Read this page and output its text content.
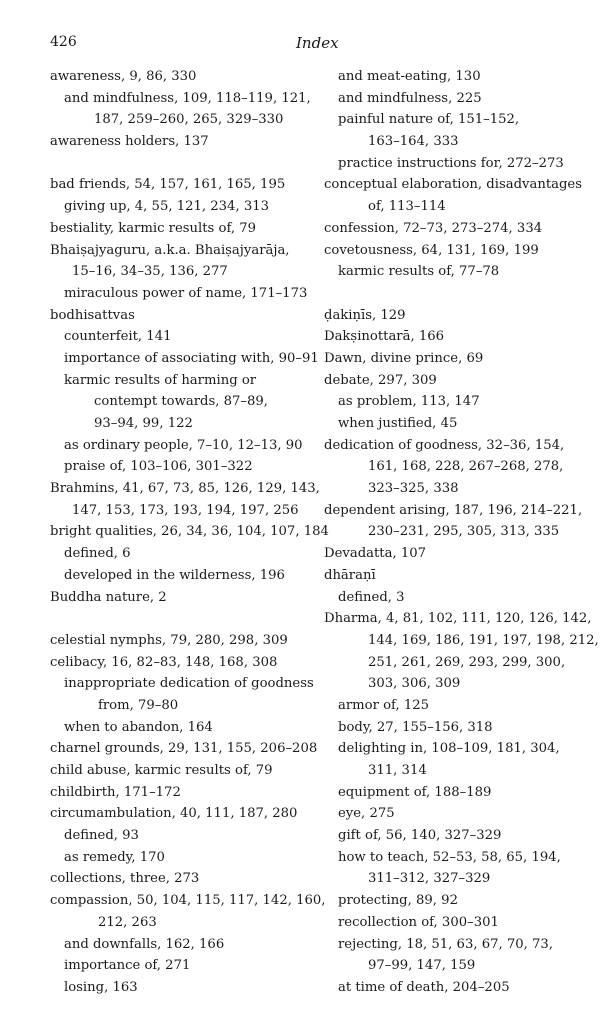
426	Index
awareness, 9, 86, 330
and mindfulness, 109, 118–119, 121,
187, 259–260, 265, 329–330
awareness holders, 137
bad friends, 54, 157, 161, 165, 195
giving up, 4, 55, 121, 234, 313
bestiality, karmic results of, 79
Bhaiṣajyaguru, a.k.a. Bhaiṣajyarāja,
15–16, 34–35, 136, 277
miraculous power of name, 171–173
bodhisattvas
counterfeit, 141
importance of associating with, 90–91
karmic results of harming or
contempt towards, 87–89,
93–94, 99, 122
as ordinary people, 7–10, 12–13, 90
praise of, 103–106, 301–322
Brahmins, 41, 67, 73, 85, 126, 129, 143,
147, 153, 173, 193, 194, 197, 256
bright qualities, 26, 34, 36, 104, 107, 184
defined, 6
developed in the wilderness, 196
Buddha nature, 2
celestial nymphs, 79, 280, 298, 309
celibacy, 16, 82–83, 148, 168, 308
inappropriate dedication of goodness
from, 79–80
when to abandon, 164
charnel grounds, 29, 131, 155, 206–208
child abuse, karmic results of, 79
childbirth, 171–172
circumambulation, 40, 111, 187, 280
defined, 93
as remedy, 170
collections, three, 273
compassion, 50, 104, 115, 117, 142, 160,
212, 263
and downfalls, 162, 166
importance of, 271
losing, 163
and meat-eating, 130
and mindfulness, 225
painful nature of, 151–152,
163–164, 333
practice instructions for, 272–273
conceptual elaboration, disadvantages
of, 113–114
confession, 72–73, 273–274, 334
covetousness, 64, 131, 169, 199
karmic results of, 77–78
ḍakiṇīs, 129
Dakṣinottarā, 166
Dawn, divine prince, 69
debate, 297, 309
as problem, 113, 147
when justified, 45
dedication of goodness, 32–36, 154,
161, 168, 228, 267–268, 278,
323–325, 338
dependent arising, 187, 196, 214–221,
230–231, 295, 305, 313, 335
Devadatta, 107
dhāraṇī
defined, 3
Dharma, 4, 81, 102, 111, 120, 126, 142,
144, 169, 186, 191, 197, 198, 212,
251, 261, 269, 293, 299, 300,
303, 306, 309
armor of, 125
body, 27, 155–156, 318
delighting in, 108–109, 181, 304,
311, 314
equipment of, 188–189
eye, 275
gift of, 56, 140, 327–329
how to teach, 52–53, 58, 65, 194,
311–312, 327–329
protecting, 89, 92
recollection of, 300–301
rejecting, 18, 51, 63, 67, 70, 73,
97–99, 147, 159
at time of death, 204–205
